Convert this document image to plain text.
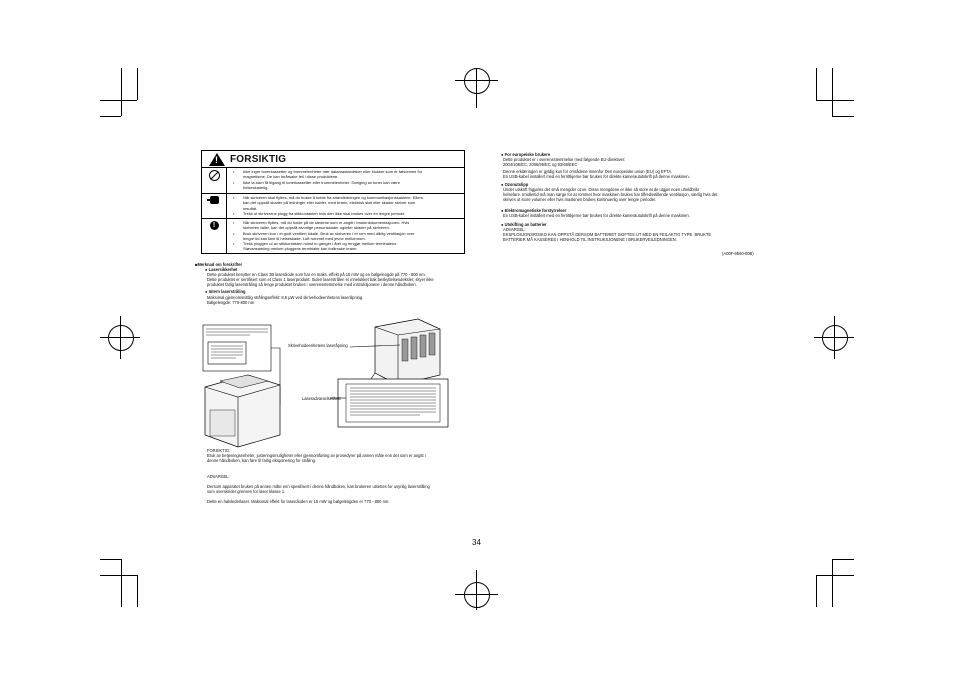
!
FORSIKTIG
• Ikke ingre tonerkassetter og trommelenheter nær datamaskindisker eller klokker som er følsomme for
magnetisme. De kan forårsake feil i disse produktene.
• Ikke la barn få tilgang til tonerkassetter eller trommelenheter. Svelging av toner kan være
helseskadelig.
• Når skriveren skal flyttes, må du huske å koble fra strømledningen og kommunikasjonskablene. Ellers
kan det oppstå skader på ledninger eller kabler, med brann, elektrisk støt eller skader skriver som
resultat.
• Trekk ut skriverens plugg fra stikkontakten hvis den ikke skal brukes over en lengre periode.
!
•	Når skriveren flyttes, må du holde på de stedene som er angitt i brukerdokumentasjonen. Hvis
skriveren faller, kan det oppstå alvorlige personskader og/eller skader på skriveren.
• Bruk skriveren kun i et godt ventilert lokale. Bruk av skriveren i et rom med dårlig ventilasjon over
lengre tid kan føre til helseskade. Luft rommet med jevne mellomrom.
• Trekk pluggen ut av stikkontakten minst to ganger i året og rengjør mellom terminalene.
Støvansamling mellom pluggens terminaler kan forårsake brann.
■Merknad om forskrifter
● Lasersikkerhet
Dette produktet benytter en Class 3B laserdiode som har en maks. effekt på 15 mW og en bølgelengde på 770 - 800 nm.
Dette produktet er sertifisert som et Class 1 laserprodukt. Siden laserstrålen er innelukket bak beskyttelsesdeksler, skyer ikke
produktet farlig laserstråling så lenge produktet brukes i overensstemmelse med instruksjonene i denne håndboken.
● Intern laserstråling
Maksimal gjennomsnittlig strålingseffekt: 8,5 μW ved skrivehodeenhetens laseråpning.
Bølgelengde: 770-800 nm
Skrivehodeenhetens laseråpning
Laseradvarselsetikett
FORSIKTIG:
Bruk av betjeningsenheter, justeringsmuligheter eller gjennomføring av prosedyrer på annen måte enn det som er angitt i
denne håndboken, kan føre til farlig eksponering for stråling.
ADVARSEL:
Dersom apparatet brukes på annen måte enn spesifisert i denne håndboken, kan brukeren utsettes for usynlig laserstråling
som overskrider grensen for laser klasse 1.
Dette en halvlederlaser. Maksimal effekt for laserdioden er 15 mW og bølgelengden er 770 - 800 nm.
● For europeiske brukere
Dette produktet er i overensstemmelse med følgende EU-direktiver:
2004/108/EC, 2006/95/EC og 93/68/EEC
Denne erklæringen er gyldig kun for områdene innenfor Den europeiske union (EU) og EFTA.
En USB-kabel installert med en ferrittkjerne bør brukes for direkte kameraututskrift på denne maskinen.
● Ozonutslipp
Under utskrift frigjøres det små mengder ozon. Disse mengdene er ikke så store at de utgjør noen uheldbrikr
helsefare. Imidlertid må man sørge for at rommet hvor maskinen brukes har tilfredsstillende ventilasjon, særlig hvis det
skrives ut store volumer eller hvis maskinen brukes kontinuerlig over lengre perioder.
● Elektromagnetiske forstyrrelser
En USB-kabel installert med en ferrittkjerne bør brukes for direkte kameraututskrift på denne maskinen.
● Utskifting av batterier
ADVARSEL:
EKSPLOSJONSRISIKO KAN OPPSTÅ DERSOM BATTERIET SKIFTES UT MED EN FEILAKTIG TYPE. BRUKTE
BATTERIER MÅ KASSERES I HENHOLD TIL INSTRUKSJONENE I BRUKERVEILEDNINGEN.
(A00F-9560-00B)
34
